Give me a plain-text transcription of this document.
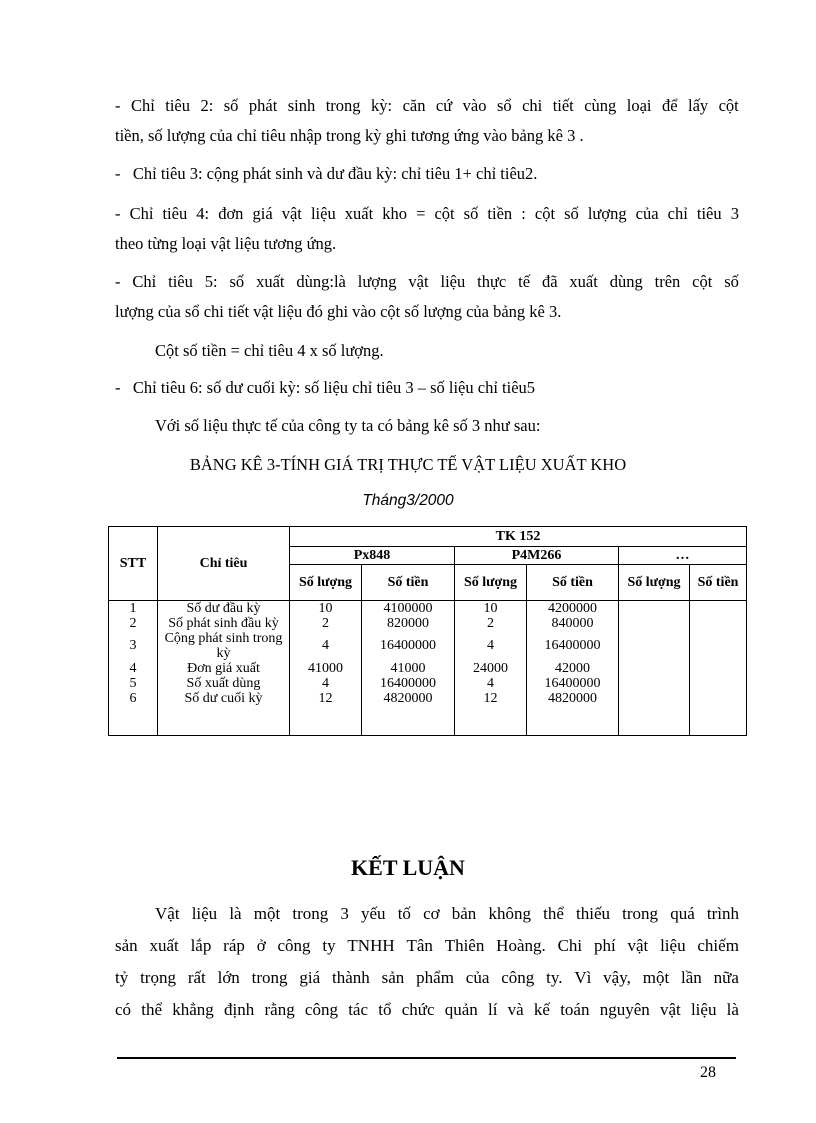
- Chỉ tiêu 2: số phát sinh trong kỳ: căn cứ vào sổ chi tiết cùng loại để lấy cột
tiền, số lượng của chỉ tiêu nhập trong kỳ ghi tương ứng vào bảng kê 3 .
-   Chỉ tiêu 3: cộng phát sinh và dư đầu kỳ: chỉ tiêu 1+ chỉ tiêu2.
- Chỉ tiêu 4: đơn giá vật liệu xuất kho = cột số tiền : cột số lượng của chỉ tiêu 3
theo từng loại vật liệu tương ứng.
- Chỉ tiêu 5: số xuất dùng:là lượng vật liệu thực tế đã xuất dùng trên cột số
lượng của sổ chi tiết vật liệu đó ghi vào cột số lượng của bảng kê 3.
Cột số tiền = chỉ tiêu 4 x số lượng.
-   Chỉ tiêu 6: số dư cuối kỳ: số liệu chỉ tiêu 3 – số liệu chỉ tiêu5
Với số liệu thực tế của công ty ta có bảng kê số 3 như sau:
BẢNG KÊ 3-TÍNH GIÁ TRỊ THỰC TẾ VẬT LIỆU XUẤT KHO
Tháng3/2000
STT	Chỉ tiêu	TK 152					
		Px848		P4M266		…	
		Số lượng	Số tiền	Số lượng	Số tiền	Số lượng	Số tiền
1	Số dư đầu kỳ	10	4100000	10	4200000		
2	Số phát sinh đầu kỳ	2	820000	2	840000		
3	Cộng phát sinh trong kỳ	4	16400000	4	16400000		
4	Đơn giá xuất	41000	41000	24000	42000		
5	Số xuất dùng	4	16400000	4	16400000		
6	Số dư cuối kỳ	12	4820000	12	4820000		
KẾT LUẬN
Vật liệu là một trong 3 yếu tố cơ bản không thể thiếu trong quá trình
sản xuất lắp ráp ở công ty TNHH Tân Thiên Hoàng. Chi phí vật liệu chiếm
tỷ trọng rất lớn trong giá thành sản phẩm của công ty. Vì vậy, một lần nữa
có thể khẳng định rằng công tác tổ chức quản lí và kế toán nguyên vật liệu là
28
